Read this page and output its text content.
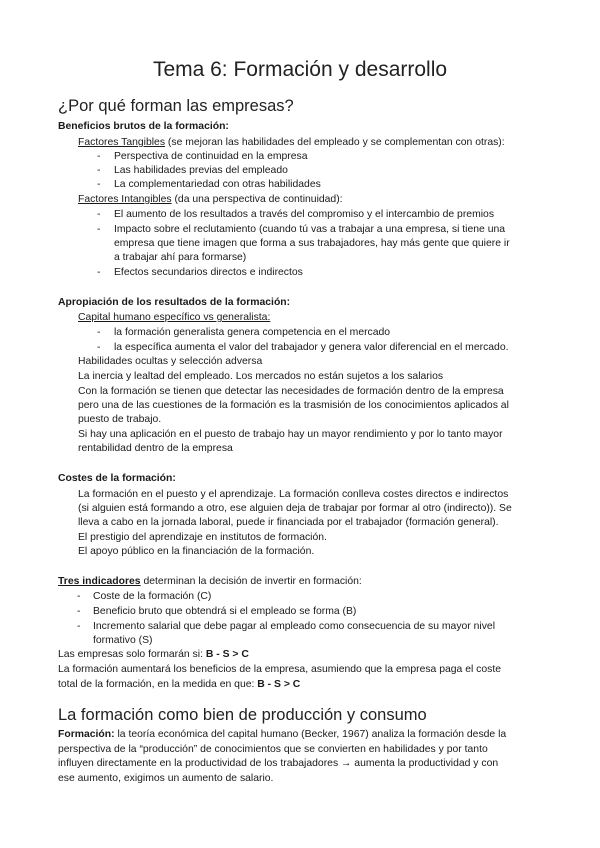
Tema 6: Formación y desarrollo
¿Por qué forman las empresas?
Beneficios brutos de la formación:
Factores Tangibles (se mejoran las habilidades del empleado y se complementan con otras):
- Perspectiva de continuidad en la empresa
- Las habilidades previas del empleado
- La complementariedad con otras habilidades
Factores Intangibles (da una perspectiva de continuidad):
- El aumento de los resultados a través del compromiso y el intercambio de premios
- Impacto sobre el reclutamiento (cuando tú vas a trabajar a una empresa, si tiene una
empresa que tiene imagen que forma a sus trabajadores, hay más gente que quiere ir
a trabajar ahí para formarse)
- Efectos secundarios directos e indirectos
Apropiación de los resultados de la formación:
Capital humano específico vs generalista:
- la formación generalista genera competencia en el mercado
- la específica aumenta el valor del trabajador y genera valor diferencial en el mercado.
Habilidades ocultas y selección adversa
La inercia y lealtad del empleado. Los mercados no están sujetos a los salarios
Con la formación se tienen que detectar las necesidades de formación dentro de la empresa
pero una de las cuestiones de la formación es la trasmisión de los conocimientos aplicados al
puesto de trabajo.
Si hay una aplicación en el puesto de trabajo hay un mayor rendimiento y por lo tanto mayor
rentabilidad dentro de la empresa
Costes de la formación:
La formación en el puesto y el aprendizaje. La formación conlleva costes directos e indirectos
(si alguien está formando a otro, ese alguien deja de trabajar por formar al otro (indirecto)). Se
lleva a cabo en la jornada laboral, puede ir financiada por el trabajador (formación general).
El prestigio del aprendizaje en institutos de formación.
El apoyo público en la financiación de la formación.
Tres indicadores determinan la decisión de invertir en formación:
- Coste de la formación (C)
- Beneficio bruto que obtendrá si el empleado se forma (B)
- Incremento salarial que debe pagar al empleado como consecuencia de su mayor nivel
formativo (S)
Las empresas solo formarán si: B - S > C
La formación aumentará los beneficios de la empresa, asumiendo que la empresa paga el coste
total de la formación, en la medida en que: B - S > C
La formación como bien de producción y consumo
Formación: la teoría económica del capital humano (Becker, 1967) analiza la formación desde la
perspectiva de la “producción” de conocimientos que se convierten en habilidades y por tanto
influyen directamente en la productividad de los trabajadores → aumenta la productividad y con
ese aumento, exigimos un aumento de salario.
